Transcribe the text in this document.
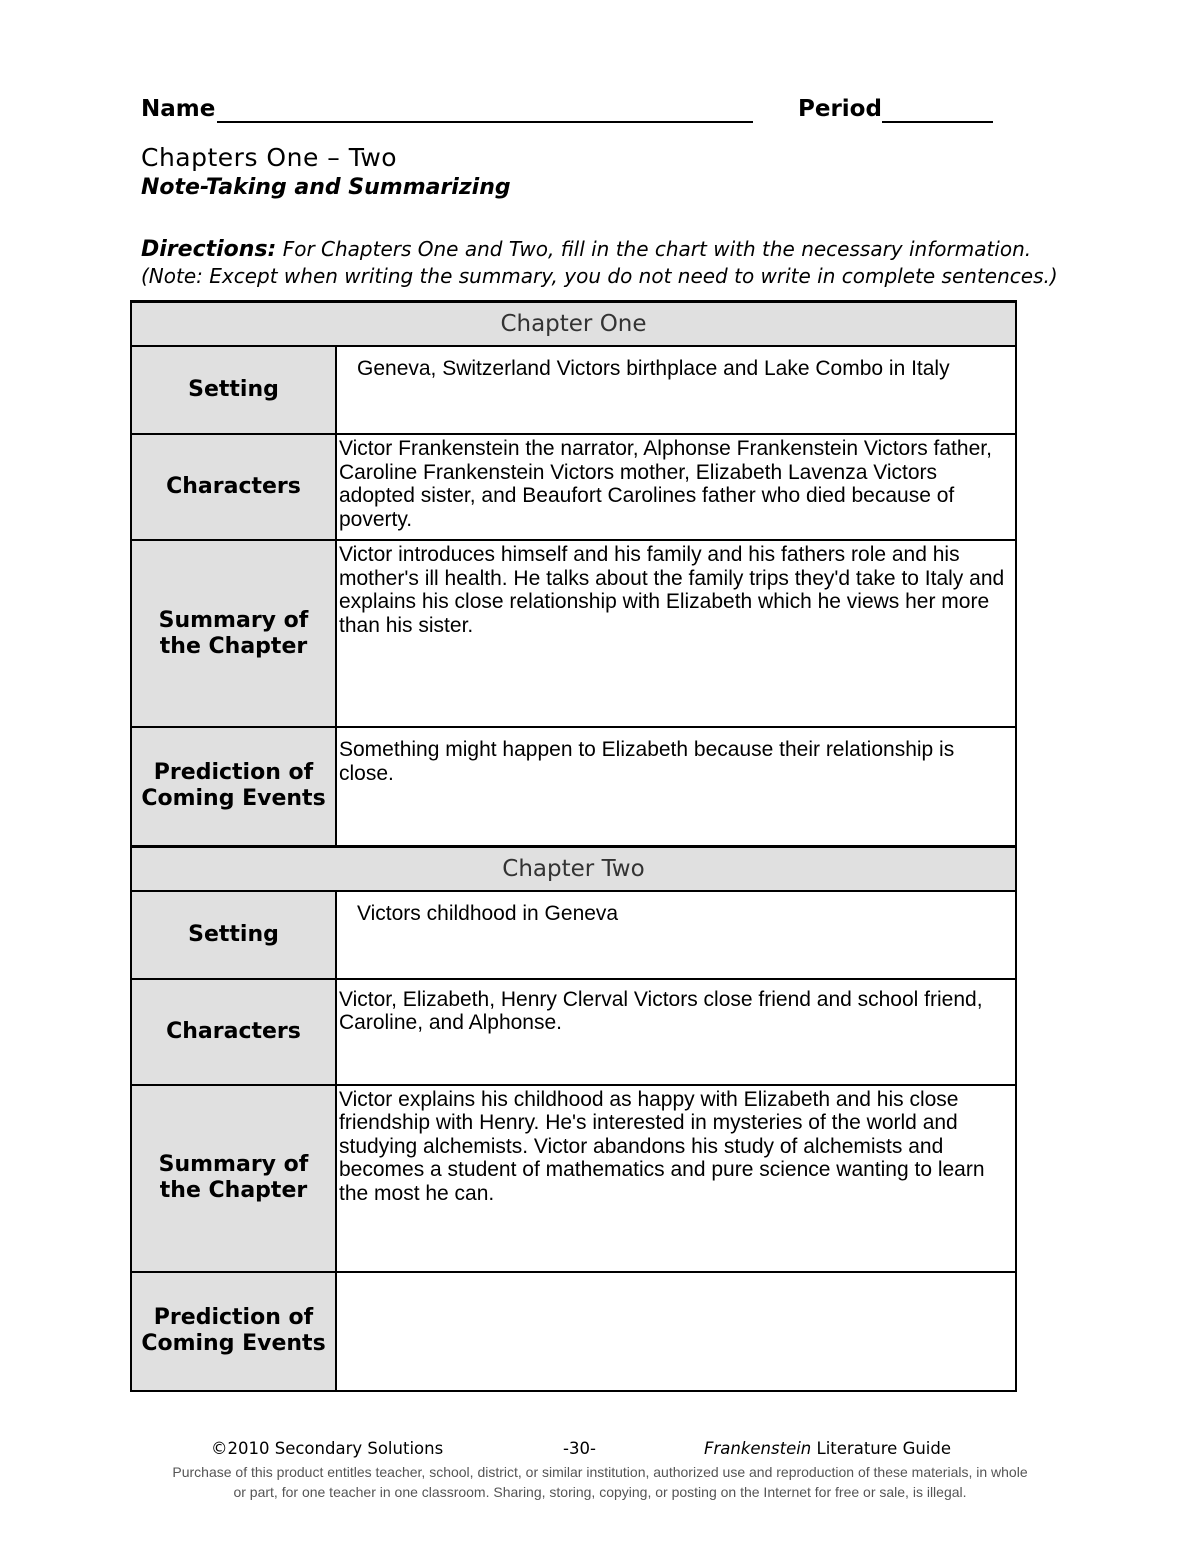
Name	Period
Chapters One – Two
Note-Taking and Summarizing
Directions: For Chapters One and Two, fill in the chart with the necessary information.
(Note: Except when writing the summary, you do not need to write in complete sentences.)
Chapter One	
Setting	Geneva, Switzerland Victors birthplace and Lake Combo in Italy
Characters	Victor Frankenstein the narrator, Alphonse Frankenstein Victors father, Caroline Frankenstein Victors mother, Elizabeth Lavenza Victors adopted sister, and Beaufort Carolines father who died because of poverty.
Summary of
the Chapter	Victor introduces himself and his family and his fathers role and his mother's ill health. He talks about the family trips they'd take to Italy and explains his close relationship with Elizabeth which he views her more than his sister.
Prediction of
Coming Events	Something might happen to Elizabeth because their relationship is close.
Chapter Two	
Setting	Victors childhood in Geneva
Characters	Victor, Elizabeth, Henry Clerval Victors close friend and school friend, Caroline, and Alphonse.
Summary of
the Chapter	Victor explains his childhood as happy with Elizabeth and his close friendship with Henry. He's interested in mysteries of the world and studying alchemists. Victor abandons his study of alchemists and becomes a student of mathematics and pure science wanting to learn the most he can.
Prediction of
Coming Events	
©2010 Secondary Solutions	-30-	Frankenstein Literature Guide
Purchase of this product entitles teacher, school, district, or similar institution, authorized use and reproduction of these materials, in whole
or part, for one teacher in one classroom. Sharing, storing, copying, or posting on the Internet for free or sale, is illegal.
